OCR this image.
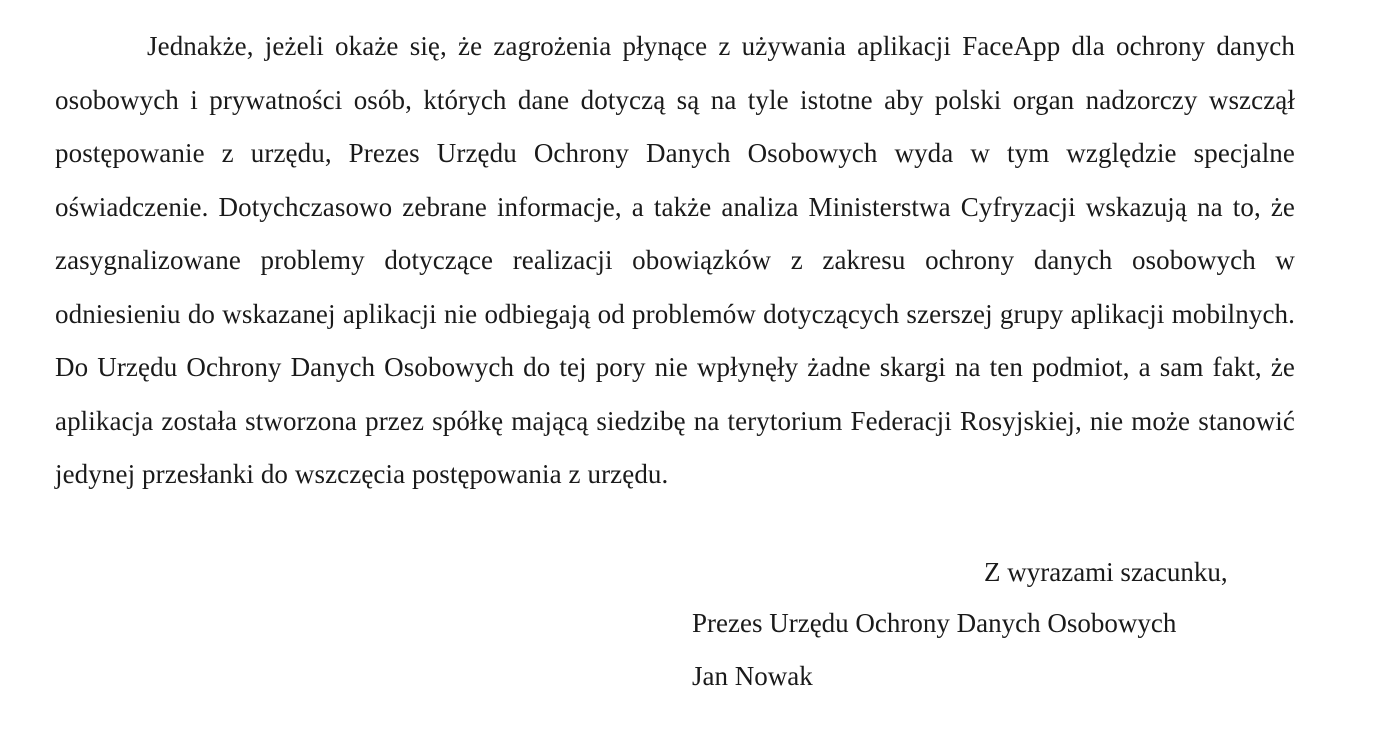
Jednakże, jeżeli okaże się, że zagrożenia płynące z używania aplikacji FaceApp dla ochrony danych osobowych i prywatności osób, których dane dotyczą są na tyle istotne aby polski organ nadzorczy wszczął postępowanie z urzędu, Prezes Urzędu Ochrony Danych Osobowych wyda w tym względzie specjalne oświadczenie. Dotychczasowo zebrane informacje, a także analiza Ministerstwa Cyfryzacji wskazują na to, że zasygnalizowane problemy dotyczące realizacji obowiązków z zakresu ochrony danych osobowych w odniesieniu do wskazanej aplikacji nie odbiegają od problemów dotyczących szerszej grupy aplikacji mobilnych. Do Urzędu Ochrony Danych Osobowych do tej pory nie wpłynęły żadne skargi na ten podmiot, a sam fakt, że aplikacja została stworzona przez spółkę mającą siedzibę na terytorium Federacji Rosyjskiej, nie może stanowić jedynej przesłanki do wszczęcia postępowania z urzędu.

Z wyrazami szacunku,

Prezes Urzędu Ochrony Danych Osobowych

Jan Nowak
